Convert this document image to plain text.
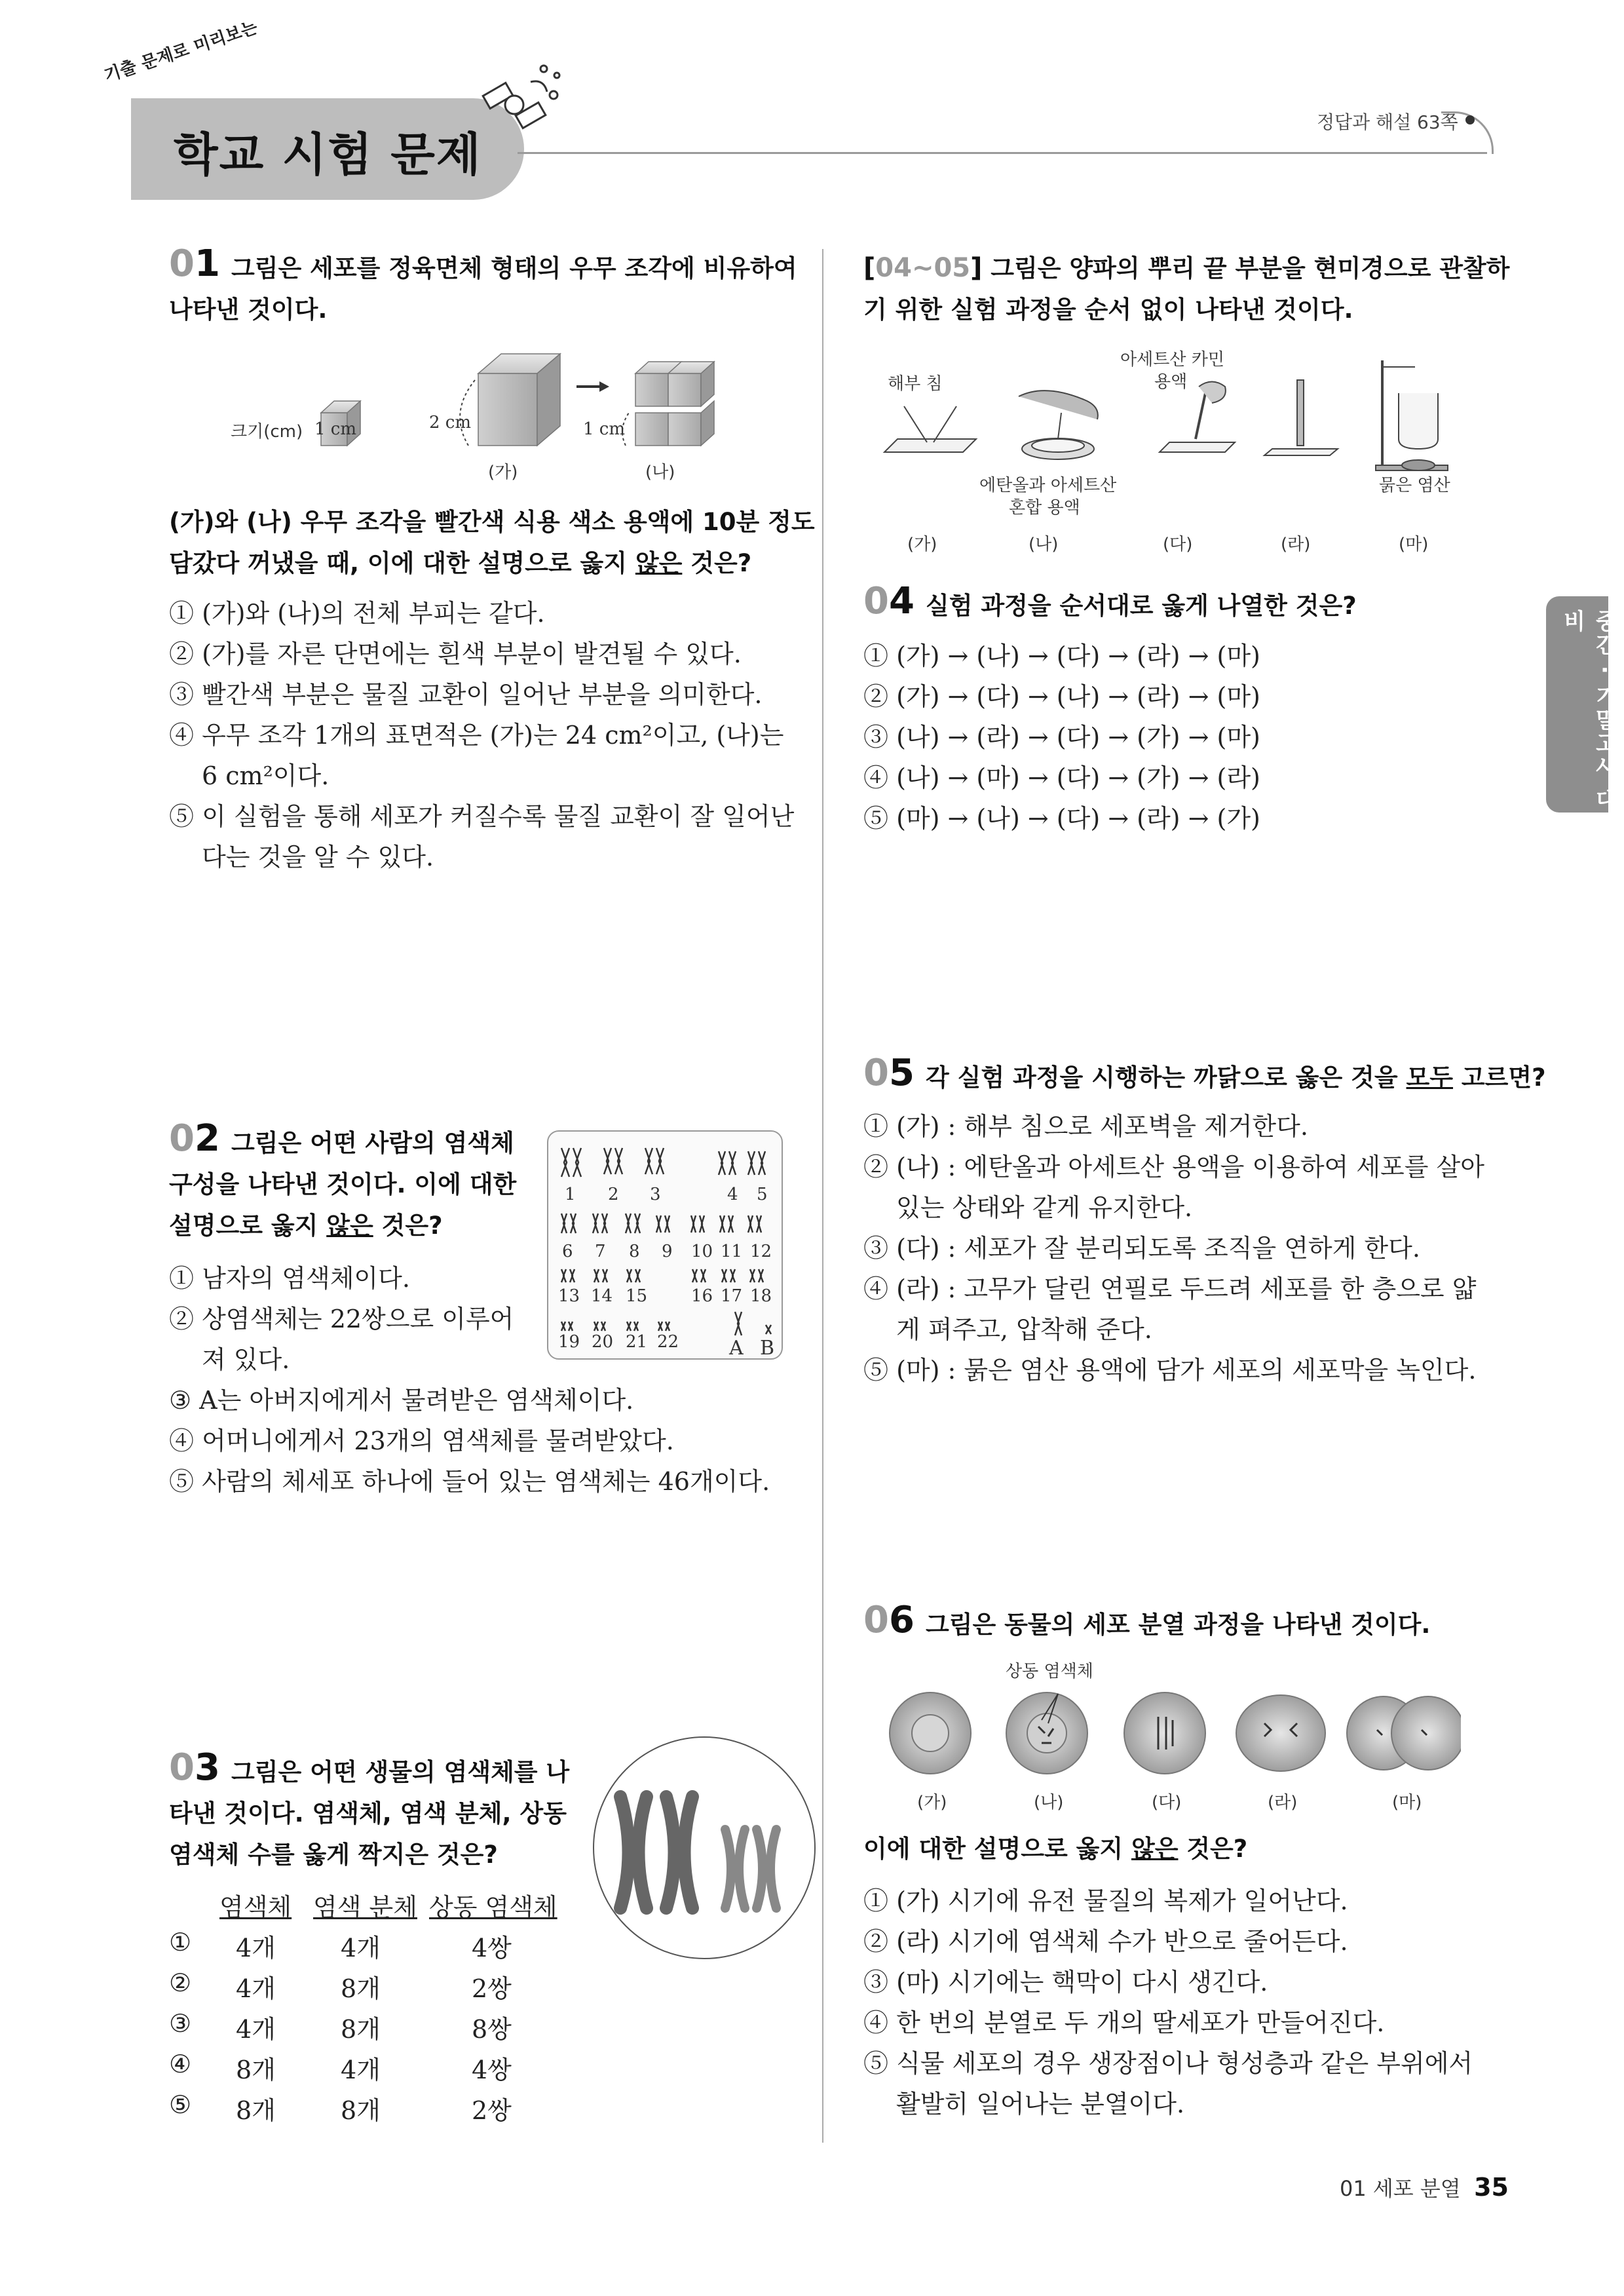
기출 문제로 미리보는
학교 시험 문제
정답과 해설 63쪽
중간 · 기말고사 대비
01 그림은 세포를 정육면체 형태의 우무 조각에 비유하여
나타낸 것이다.
크기(cm) 1 cm	2 cm	1 cm
(가)	(나)
(가)와 (나) 우무 조각을 빨간색 식용 색소 용액에 10분 정도
담갔다 꺼냈을 때, 이에 대한 설명으로 옳지 않은 것은?
① (가)와 (나)의 전체 부피는 같다.
② (가)를 자른 단면에는 흰색 부분이 발견될 수 있다.
③ 빨간색 부분은 물질 교환이 일어난 부분을 의미한다.
④ 우무 조각 1개의 표면적은 (가)는 24 cm²이고, (나)는
6 cm²이다.
⑤ 이 실험을 통해 세포가 커질수록 물질 교환이 잘 일어난
다는 것을 알 수 있다.
02 그림은 어떤 사람의 염색체
구성을 나타낸 것이다. 이에 대한
설명으로 옳지 않은 것은?
1 2 3	4 5
6 7 8 9 10 11 12
13 14 15	16 17 18
19 20 21 22	A B
① 남자의 염색체이다.
② 상염색체는 22쌍으로 이루어
져 있다.
③ A는 아버지에게서 물려받은 염색체이다.
④ 어머니에게서 23개의 염색체를 물려받았다.
⑤ 사람의 체세포 하나에 들어 있는 염색체는 46개이다.
03 그림은 어떤 생물의 염색체를 나
타낸 것이다. 염색체, 염색 분체, 상동
염색체 수를 옳게 짝지은 것은?
염색체 염색 분체 상동 염색체
① 4개	4개	4쌍
② 4개	8개	2쌍
③ 4개	8개	8쌍
④ 8개	4개	4쌍
⑤ 8개	8개	2쌍
[04~05] 그림은 양파의 뿌리 끝 부분을 현미경으로 관찰하
기 위한 실험 과정을 순서 없이 나타낸 것이다.
해부 침
아세트산 카민
용액
에탄올과 아세트산
혼합 용액
묽은 염산
(가)	(나)	(다)	(라)	(마)
04 실험 과정을 순서대로 옳게 나열한 것은?
① (가) → (나) → (다) → (라) → (마)
② (가) → (다) → (나) → (라) → (마)
③ (나) → (라) → (다) → (가) → (마)
④ (나) → (마) → (다) → (가) → (라)
⑤ (마) → (나) → (다) → (라) → (가)
05 각 실험 과정을 시행하는 까닭으로 옳은 것을 모두 고르면?
① (가) : 해부 침으로 세포벽을 제거한다.
② (나) : 에탄올과 아세트산 용액을 이용하여 세포를 살아
있는 상태와 같게 유지한다.
③ (다) : 세포가 잘 분리되도록 조직을 연하게 한다.
④ (라) : 고무가 달린 연필로 두드려 세포를 한 층으로 얇
게 펴주고, 압착해 준다.
⑤ (마) : 묽은 염산 용액에 담가 세포의 세포막을 녹인다.
06 그림은 동물의 세포 분열 과정을 나타낸 것이다.
상동 염색체
(가)	(나)	(다)	(라)	(마)
이에 대한 설명으로 옳지 않은 것은?
① (가) 시기에 유전 물질의 복제가 일어난다.
② (라) 시기에 염색체 수가 반으로 줄어든다.
③ (마) 시기에는 핵막이 다시 생긴다.
④ 한 번의 분열로 두 개의 딸세포가 만들어진다.
⑤ 식물 세포의 경우 생장점이나 형성층과 같은 부위에서
활발히 일어나는 분열이다.
01 세포 분열 35
